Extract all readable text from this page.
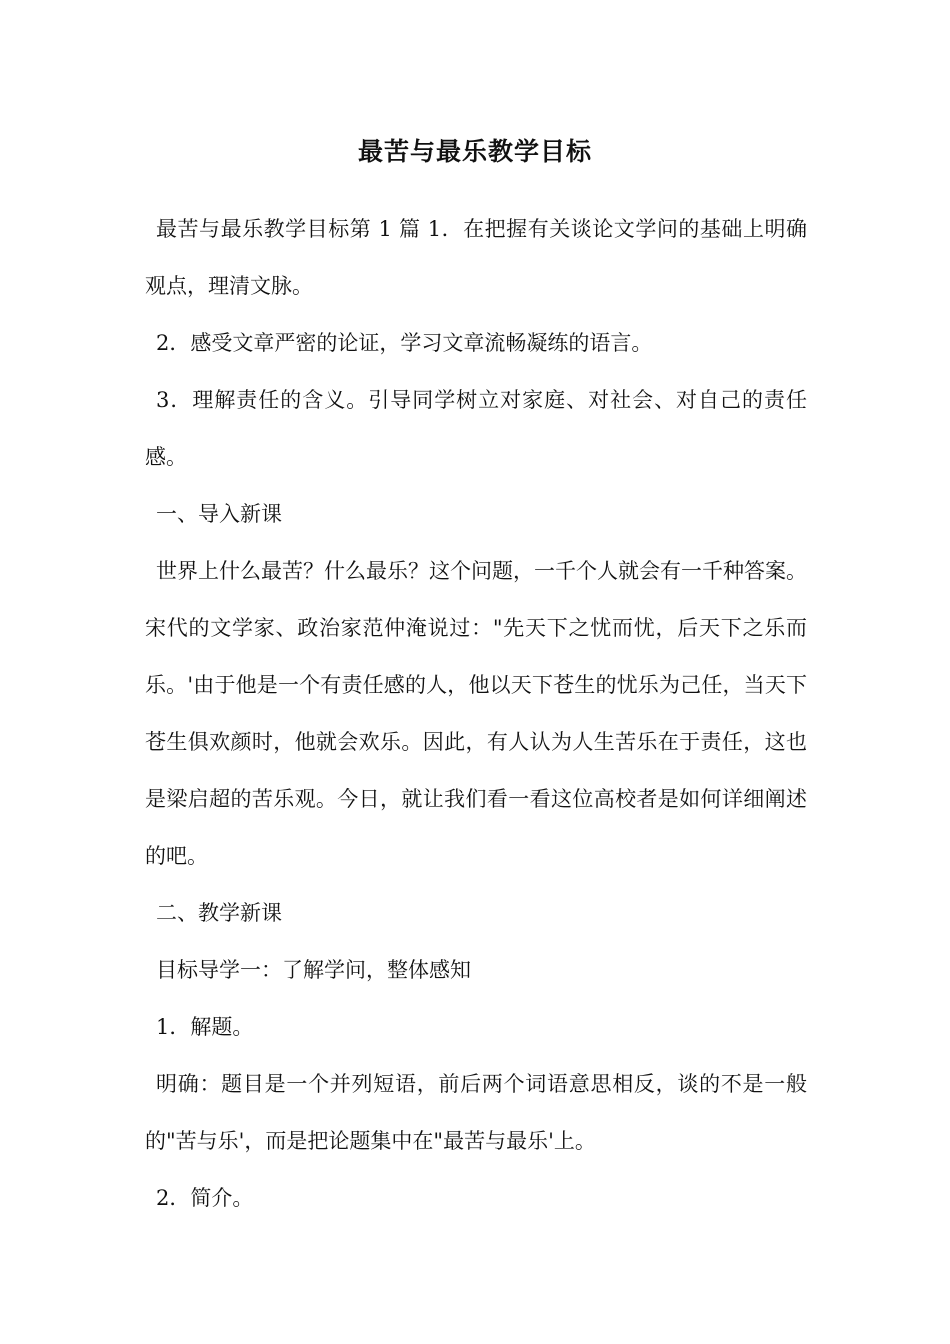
最苦与最乐教学目标

最苦与最乐教学目标第 1 篇 1．在把握有关谈论文学问的基础上明确观点，理清文脉。

2．感受文章严密的论证，学习文章流畅凝练的语言。

3．理解责任的含义。引导同学树立对家庭、对社会、对自己的责任感。

一、导入新课

世界上什么最苦？什么最乐？这个问题，一千个人就会有一千种答案。宋代的文学家、政治家范仲淹说过："先天下之忧而忧，后天下之乐而乐。'由于他是一个有责任感的人，他以天下苍生的忧乐为己任，当天下苍生俱欢颜时，他就会欢乐。因此，有人认为人生苦乐在于责任，这也是梁启超的苦乐观。今日，就让我们看一看这位高校者是如何详细阐述的吧。

二、教学新课

目标导学一：了解学问，整体感知

1．解题。

明确：题目是一个并列短语，前后两个词语意思相反，谈的不是一般的"苦与乐'，而是把论题集中在"最苦与最乐'上。

2．简介。
